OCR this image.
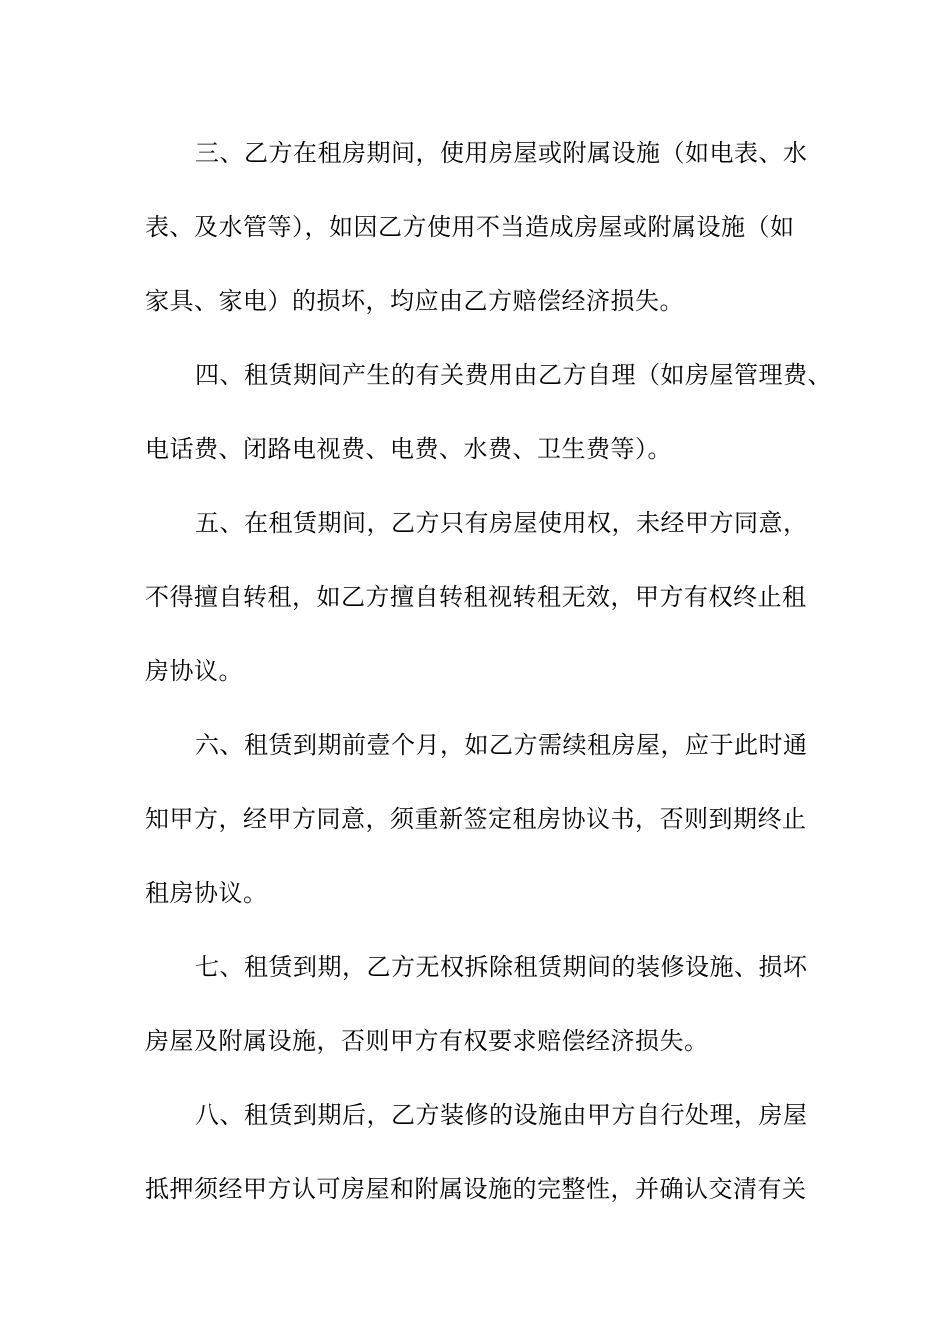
三、乙方在租房期间，使用房屋或附属设施（如电表、水
表、及水管等），如因乙方使用不当造成房屋或附属设施（如
家具、家电）的损坏，均应由乙方赔偿经济损失。
四、租赁期间产生的有关费用由乙方自理（如房屋管理费、
电话费、闭路电视费、电费、水费、卫生费等）。
五、在租赁期间，乙方只有房屋使用权，未经甲方同意，
不得擅自转租，如乙方擅自转租视转租无效，甲方有权终止租
房协议。
六、租赁到期前壹个月，如乙方需续租房屋，应于此时通
知甲方，经甲方同意，须重新签定租房协议书，否则到期终止
租房协议。
七、租赁到期，乙方无权拆除租赁期间的装修设施、损坏
房屋及附属设施，否则甲方有权要求赔偿经济损失。
八、租赁到期后，乙方装修的设施由甲方自行处理，房屋
抵押须经甲方认可房屋和附属设施的完整性，并确认交清有关
